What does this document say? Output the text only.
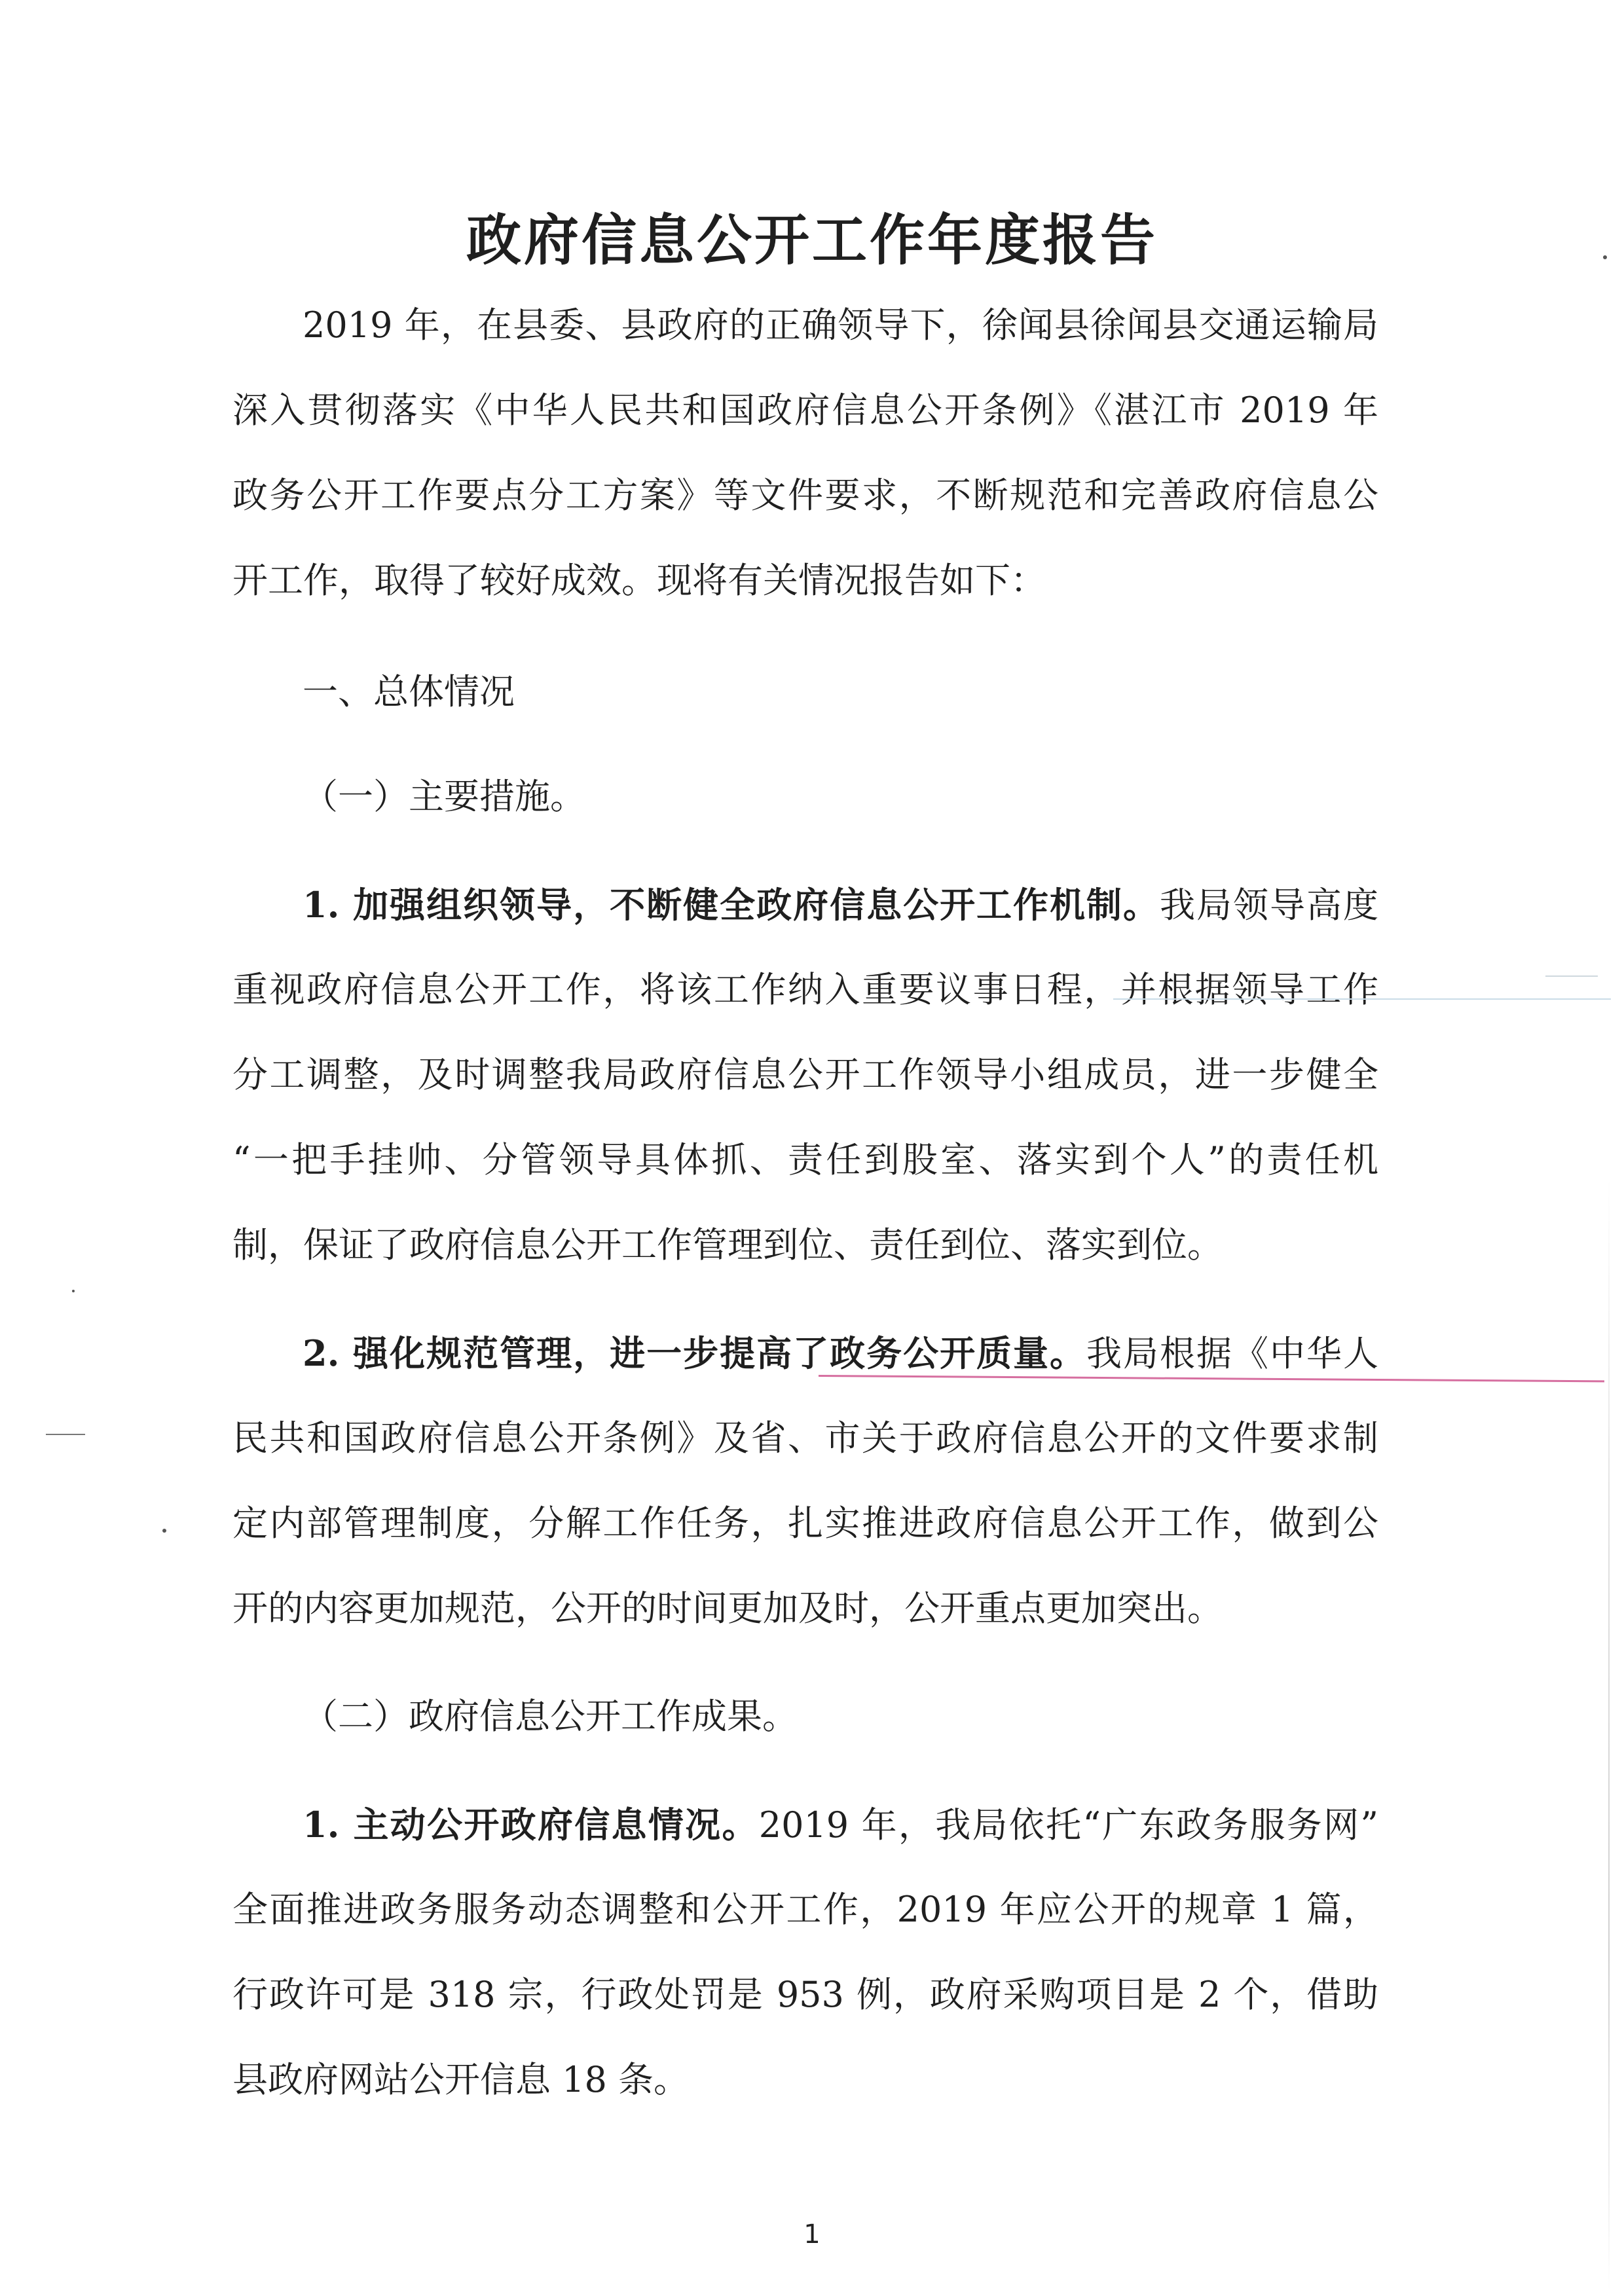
政府信息公开工作年度报告
2019 年，在县委、县政府的正确领导下，徐闻县徐闻县交通运输局
深入贯彻落实《中华人民共和国政府信息公开条例》《湛江市 2019 年
政务公开工作要点分工方案》等文件要求，不断规范和完善政府信息公
开工作，取得了较好成效。现将有关情况报告如下：
一、总体情况
（一）主要措施。
1. 加强组织领导，不断健全政府信息公开工作机制。我局领导高度
重视政府信息公开工作，将该工作纳入重要议事日程，并根据领导工作
分工调整，及时调整我局政府信息公开工作领导小组成员，进一步健全
“一把手挂帅、分管领导具体抓、责任到股室、落实到个人”的责任机
制，保证了政府信息公开工作管理到位、责任到位、落实到位。
2. 强化规范管理，进一步提高了政务公开质量。我局根据《中华人
民共和国政府信息公开条例》及省、市关于政府信息公开的文件要求制
定内部管理制度，分解工作任务，扎实推进政府信息公开工作，做到公
开的内容更加规范，公开的时间更加及时，公开重点更加突出。
（二）政府信息公开工作成果。
1. 主动公开政府信息情况。2019 年，我局依托“广东政务服务网”
全面推进政务服务动态调整和公开工作，2019 年应公开的规章 1 篇，
行政许可是 318 宗，行政处罚是 953 例，政府采购项目是 2 个，借助
县政府网站公开信息 18 条。
1
